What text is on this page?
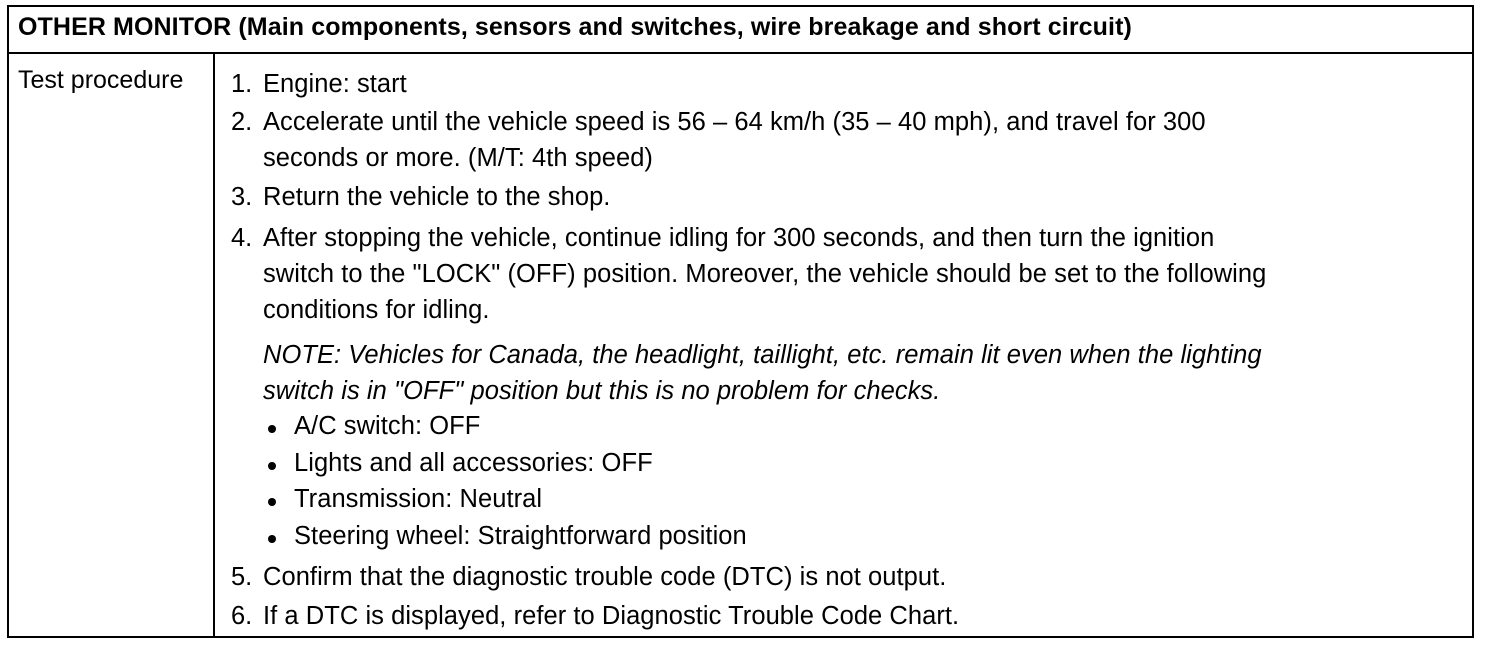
OTHER MONITOR (Main components, sensors and switches, wire breakage and short circuit)
Test procedure	1. Engine: start
2. Accelerate until the vehicle speed is 56 – 64 km/h (35 – 40 mph), and travel for 300
seconds or more. (M/T: 4th speed)
3. Return the vehicle to the shop.
4. After stopping the vehicle, continue idling for 300 seconds, and then turn the ignition
switch to the "LOCK" (OFF) position. Moreover, the vehicle should be set to the following
conditions for idling.
NOTE: Vehicles for Canada, the headlight, taillight, etc. remain lit even when the lighting
switch is in "OFF" position but this is no problem for checks.
A/C switch: OFF
Lights and all accessories: OFF
Transmission: Neutral
Steering wheel: Straightforward position
5. Confirm that the diagnostic trouble code (DTC) is not output.
6. If a DTC is displayed, refer to Diagnostic Trouble Code Chart.
